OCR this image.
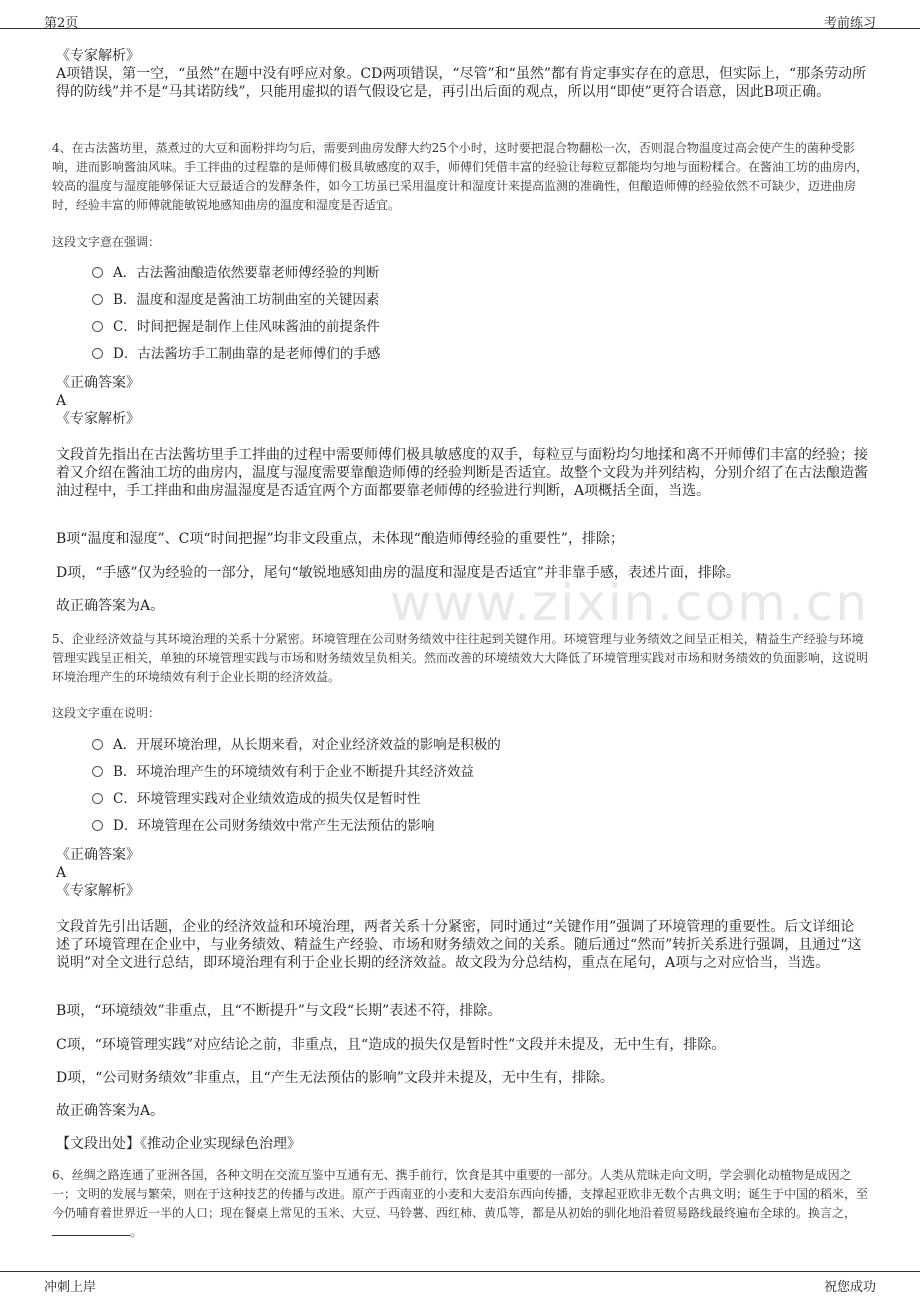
第2页	考前练习
www.zixin.com.cn
《专家解析》
A项错误，第一空，“虽然”在题中没有呼应对象。CD两项错误，“尽管”和“虽然”都有肯定事实存在的意思，但实际上，“那条劳动所得的防线”并不是“马其诺防线”，只能用虚拟的语气假设它是，再引出后面的观点，所以用“即使”更符合语意，因此B项正确。
4、在古法酱坊里，蒸煮过的大豆和面粉拌均匀后，需要到曲房发酵大约25个小时，这时要把混合物翻松一次，否则混合物温度过高会使产生的菌种受影响，进而影响酱油风味。手工拌曲的过程靠的是师傅们极具敏感度的双手，师傅们凭借丰富的经验让每粒豆都能均匀地与面粉糅合。在酱油工坊的曲房内，较高的温度与湿度能够保证大豆最适合的发酵条件，如今工坊虽已采用温度计和湿度计来提高监测的准确性，但酿造师傅的经验依然不可缺少，迈进曲房时，经验丰富的师傅就能敏锐地感知曲房的温度和湿度是否适宜。
这段文字意在强调：
A．古法酱油酿造依然要靠老师傅经验的判断
B．温度和湿度是酱油工坊制曲室的关键因素
C．时间把握是制作上佳风味酱油的前提条件
D．古法酱坊手工制曲靠的是老师傅们的手感
《正确答案》
A
《专家解析》
文段首先指出在古法酱坊里手工拌曲的过程中需要师傅们极具敏感度的双手，每粒豆与面粉均匀地揉和离不开师傅们丰富的经验；接着又介绍在酱油工坊的曲房内，温度与湿度需要靠酿造师傅的经验判断是否适宜。故整个文段为并列结构，分别介绍了在古法酿造酱油过程中，手工拌曲和曲房温湿度是否适宜两个方面都要靠老师傅的经验进行判断，A项概括全面，当选。
B项“温度和湿度”、C项“时间把握”均非文段重点，未体现“酿造师傅经验的重要性”，排除；
D项，“手感”仅为经验的一部分，尾句“敏锐地感知曲房的温度和湿度是否适宜”并非靠手感，表述片面，排除。
故正确答案为A。
5、企业经济效益与其环境治理的关系十分紧密。环境管理在公司财务绩效中往往起到关键作用。环境管理与业务绩效之间呈正相关，精益生产经验与环境管理实践呈正相关，单独的环境管理实践与市场和财务绩效呈负相关。然而改善的环境绩效大大降低了环境管理实践对市场和财务绩效的负面影响，这说明环境治理产生的环境绩效有利于企业长期的经济效益。
这段文字重在说明：
A．开展环境治理，从长期来看，对企业经济效益的影响是积极的
B．环境治理产生的环境绩效有利于企业不断提升其经济效益
C．环境管理实践对企业绩效造成的损失仅是暂时性
D．环境管理在公司财务绩效中常产生无法预估的影响
《正确答案》
A
《专家解析》
文段首先引出话题，企业的经济效益和环境治理，两者关系十分紧密，同时通过“关键作用”强调了环境管理的重要性。后文详细论述了环境管理在企业中，与业务绩效、精益生产经验、市场和财务绩效之间的关系。随后通过“然而”转折关系进行强调，且通过“这说明”对全文进行总结，即环境治理有利于企业长期的经济效益。故文段为分总结构，重点在尾句，A项与之对应恰当，当选。
B项，“环境绩效”非重点，且“不断提升”与文段“长期”表述不符，排除。
C项，“环境管理实践”对应结论之前，非重点，且“造成的损失仅是暂时性”文段并未提及，无中生有，排除。
D项，“公司财务绩效”非重点，且“产生无法预估的影响”文段并未提及，无中生有，排除。
故正确答案为A。
【文段出处】《推动企业实现绿色治理》
6、丝绸之路连通了亚洲各国，各种文明在交流互鉴中互通有无、携手前行，饮食是其中重要的一部分。人类从荒昧走向文明，学会驯化动植物是成因之一；文明的发展与繁荣，则在于这种技艺的传播与改进。原产于西南亚的小麦和大麦沿东西向传播，支撑起亚欧非无数个古典文明；诞生于中国的稻米，至今仍哺育着世界近一半的人口；现在餐桌上常见的玉米、大豆、马铃薯、西红柿、黄瓜等，都是从初始的驯化地沿着贸易路线最终遍布全球的。换言之，。
冲刺上岸	祝您成功
